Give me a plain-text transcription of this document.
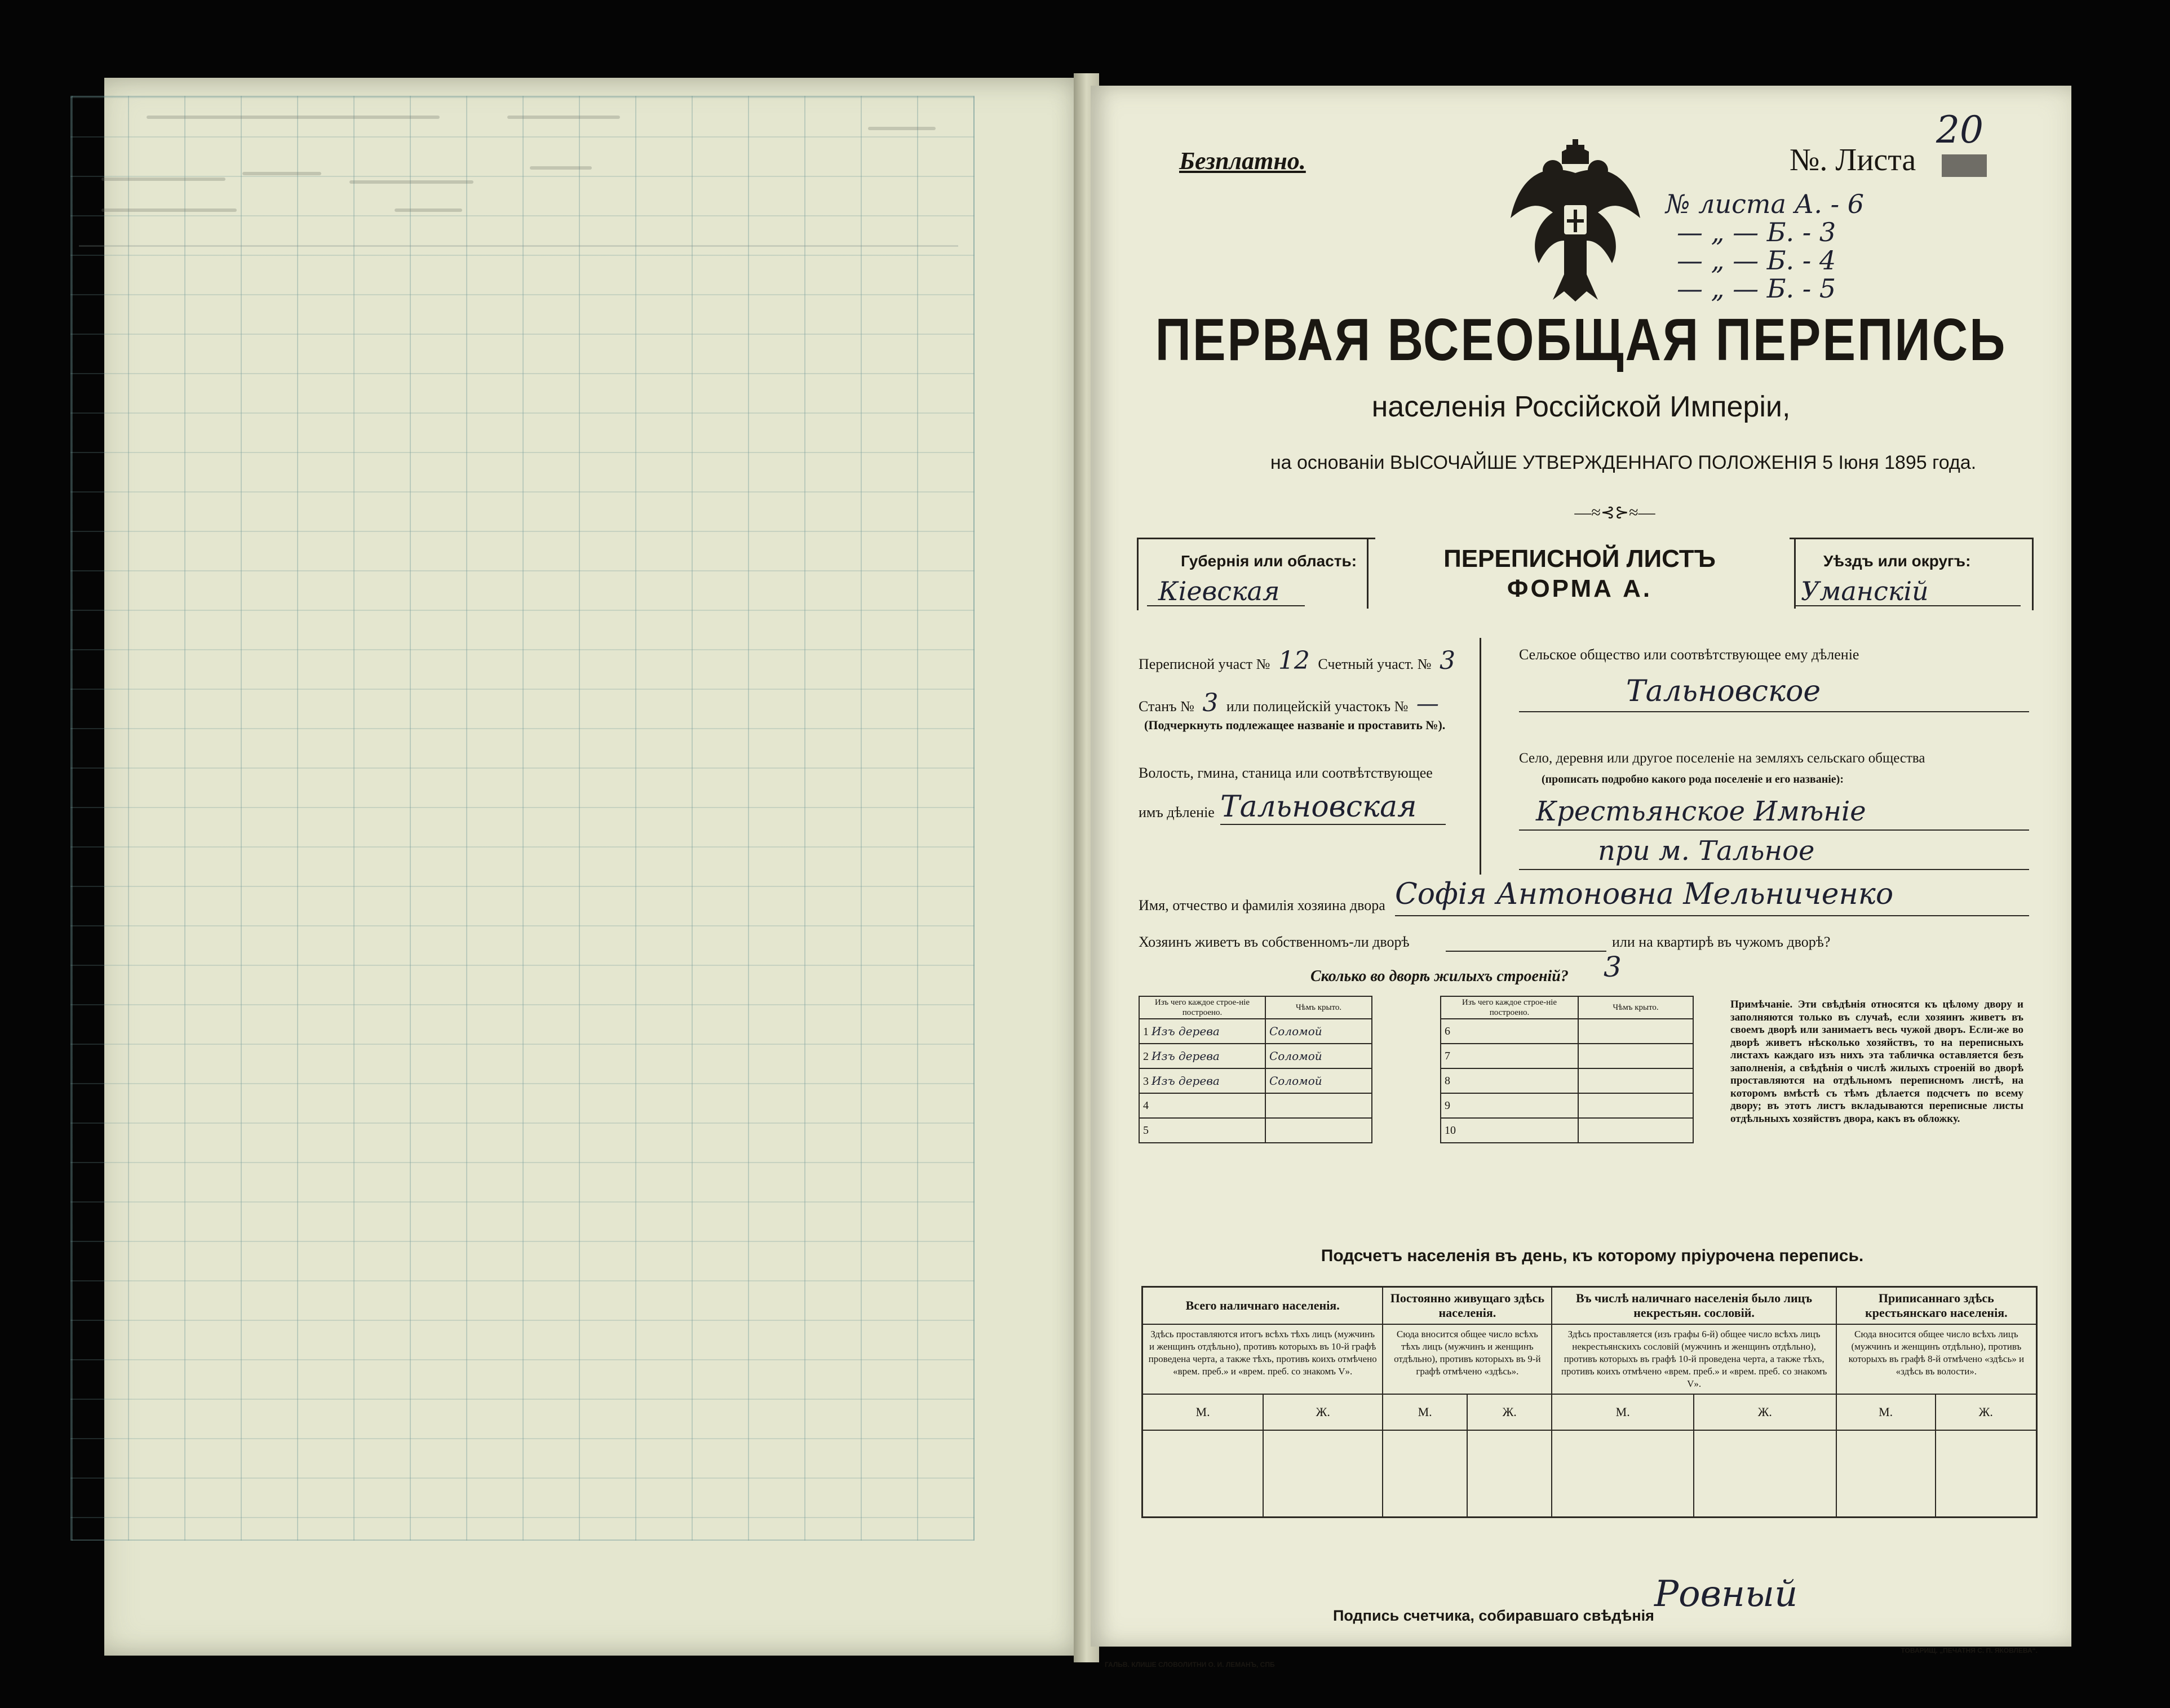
Безплатно.	№. Листа
20
№ листа А. - 6
— „ — Б. - 3
— „ — Б. - 4
— „ — Б. - 5
ПЕРВАЯ ВСЕОБЩАЯ ПЕРЕПИСЬ
населенія Россійской Имперіи,
на основаніи ВЫСОЧАЙШЕ УТВЕРЖДЕННАГО ПОЛОЖЕНІЯ 5 Іюня 1895 года.
—≈⊰⊱≈—
Губернія или область:
Кіевская
ПЕРЕПИСНОЙ ЛИСТЪ
ФОРМА А.
Уѣздъ или округъ:
Уманскій
Переписной участ № 12 Счетный участ. № 3
Станъ № 3 или полицейскій участокъ № —
(Подчеркнуть подлежащее названіе и проставить №).
Волость, гмина, станица или соотвѣтствующее
имъ дѣленіе Тальновская
Сельское общество или соотвѣтствующее ему дѣленіе
Тальновское
Село, деревня или другое поселеніе на земляхъ сельскаго общества
(прописать подробно какого рода поселеніе и его названіе):
Крестьянское Имѣніе
при м. Тальное
Имя, отчество и фамилія хозяина двора Софія Антоновна Мельниченко
Хозяинъ живетъ въ собственномъ-ли дворѣ	или на квартирѣ въ чужомъ дворѣ?
Сколько во дворѣ жилыхъ строеній? 3
Изъ чего каждое строе-ніе построено.	Чѣмъ крыто.
1 Изъ дерева	Соломой
2 Изъ дерева	Соломой
3 Изъ дерева	Соломой
4	
5	
Изъ чего каждое строе-ніе построено.	Чѣмъ крыто.
6	
7	
8	
9	
10	
Примѣчаніе. Эти свѣдѣнія относятся къ цѣлому двору и заполняются только въ случаѣ, если хозяинъ живетъ въ своемъ дворѣ или занимаетъ весь чужой дворъ. Если-же во дворѣ живетъ нѣсколько хозяйствъ, то на переписныхъ листахъ каждаго изъ нихъ эта табличка оставляется безъ заполненія, а свѣдѣнія о числѣ жилыхъ строеній во дворѣ проставляются на отдѣльномъ переписномъ листѣ, на которомъ вмѣстѣ съ тѣмъ дѣлается подсчетъ по всему двору; въ этотъ листъ вкладываются переписные листы отдѣльныхъ хозяйствъ двора, какъ въ обложку.
Подсчетъ населенія въ день, къ которому пріурочена перепись.
Всего наличнаго населенія.		Постоянно живущаго здѣсь населенія.		Въ числѣ наличнаго населенія было лицъ некрестьян. сословій.		Приписаннаго здѣсь крестьянскаго населенія.	
Здѣсь проставляются итогъ всѣхъ тѣхъ лицъ (мужчинъ и женщинъ отдѣльно), противъ которыхъ въ 10-й графѣ проведена черта, а также тѣхъ, противъ коихъ отмѣчено «врем. преб.» и «врем. преб. со знакомъ V».		Сюда вносится общее число всѣхъ тѣхъ лицъ (мужчинъ и женщинъ отдѣльно), противъ которыхъ въ 9-й графѣ отмѣчено «здѣсь».		Здѣсь проставляется (изъ графы 6-й) общее число всѣхъ лицъ некрестьянскихъ сословій (мужчинъ и женщинъ отдѣльно), противъ которыхъ въ графѣ 10-й проведена черта, а также тѣхъ, противъ коихъ отмѣчено «врем. преб.» и «врем. преб. со знакомъ V».		Сюда вносится общее число всѣхъ лицъ (мужчинъ и женщинъ отдѣльно), противъ которыхъ въ графѣ 8-й отмѣчено «здѣсь» и «здѣсь въ волости».	
М.	Ж.	М.	Ж.	М.	Ж.	М.	Ж.

Подпись счетчика, собиравшаго свѣдѣнія
Ровный
ГАЛЬВ. КЛИШЕ СЛОВОЛИТНИ О. И. ЛЕМАНЪ, СПБ
ТОВАРИЩ. „ПЕЧАТНЯ С. П. ЯКОВЛЕВА“.
